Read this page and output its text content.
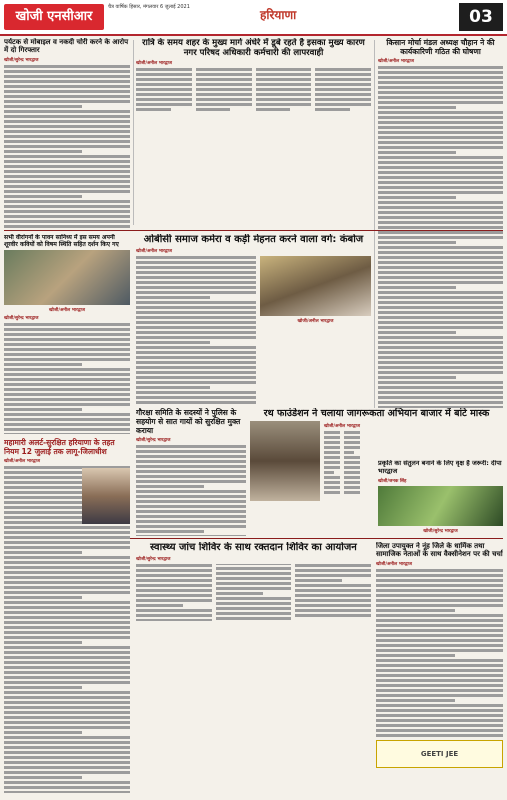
खोजी एनसीआर
चैत्र वार्षिक हिसार, मंगलवार 6 जुलाई 2021
हरियाणा	03
पर्यटक से मोबाइल व नकदी चोरी करने के आरोप में दो गिरफ्तार
खोजी/सुरेन्द्र भारद्वाज
रात्रि के समय शहर के मुख्य मार्ग अंधेरे में डूबे रहते है इसका मुख्य कारण नगर परिषद अधिकारी कर्मचारी की लापरवाही
खोजी/अनील भारद्वाज
किसान मोर्चा मंडल अध्यक्ष चौहान ने की कार्यकारिणी गठित की घोषणा
खोजी/अनील भारद्वाज
सभी वीरांगनों के पावन सानिध्य में इस समय अपनी शूरवीर कवियों को विषम स्थिति सहित दर्शन किए गए
खोजी/अनील भारद्वाज
खोजी/सुरेन्द्र भारद्वाज
ओबीसी समाज कमेरा व कड़ी मेहनत करने वाला वर्ग: कंबोज
खोजी/अनील भारद्वाज
खोजी/अनील भारद्वाज
रथ फाउंडेशन ने चलाया जागरूकता अभियान बाजार में बांटे मास्क
खोजी/अनील भारद्वाज
महामारी अलर्ट-सुरक्षित हरियाणा के तहत नियम 12 जुलाई तक लागू-जिलाधीश
खोजी/अनील भारद्वाज
गौरक्षा समिति के सदस्यों ने पुलिस के सहयोग से सात गायों को सुरक्षित मुक्त कराया
खोजी/सुरेन्द्र भारद्वाज
प्रकृति का संतुलन बनाने के लिए वृक्ष है जरूरी: दीपा भारद्वाज
खोजी/जनक सिंह
खोजी/सुरेन्द्र भारद्वाज
स्वास्थ्य जांच शिविर के साथ रक्तदान शिविर का आयोजन
खोजी/सुरेन्द्र भारद्वाज
जिला उपायुक्त ने नूंह जिले के धार्मिक तथा सामाजिक नेताओं के साथ वैक्सीनेशन पर की चर्चा
खोजी/अनील भारद्वाज
GEETI JEE
